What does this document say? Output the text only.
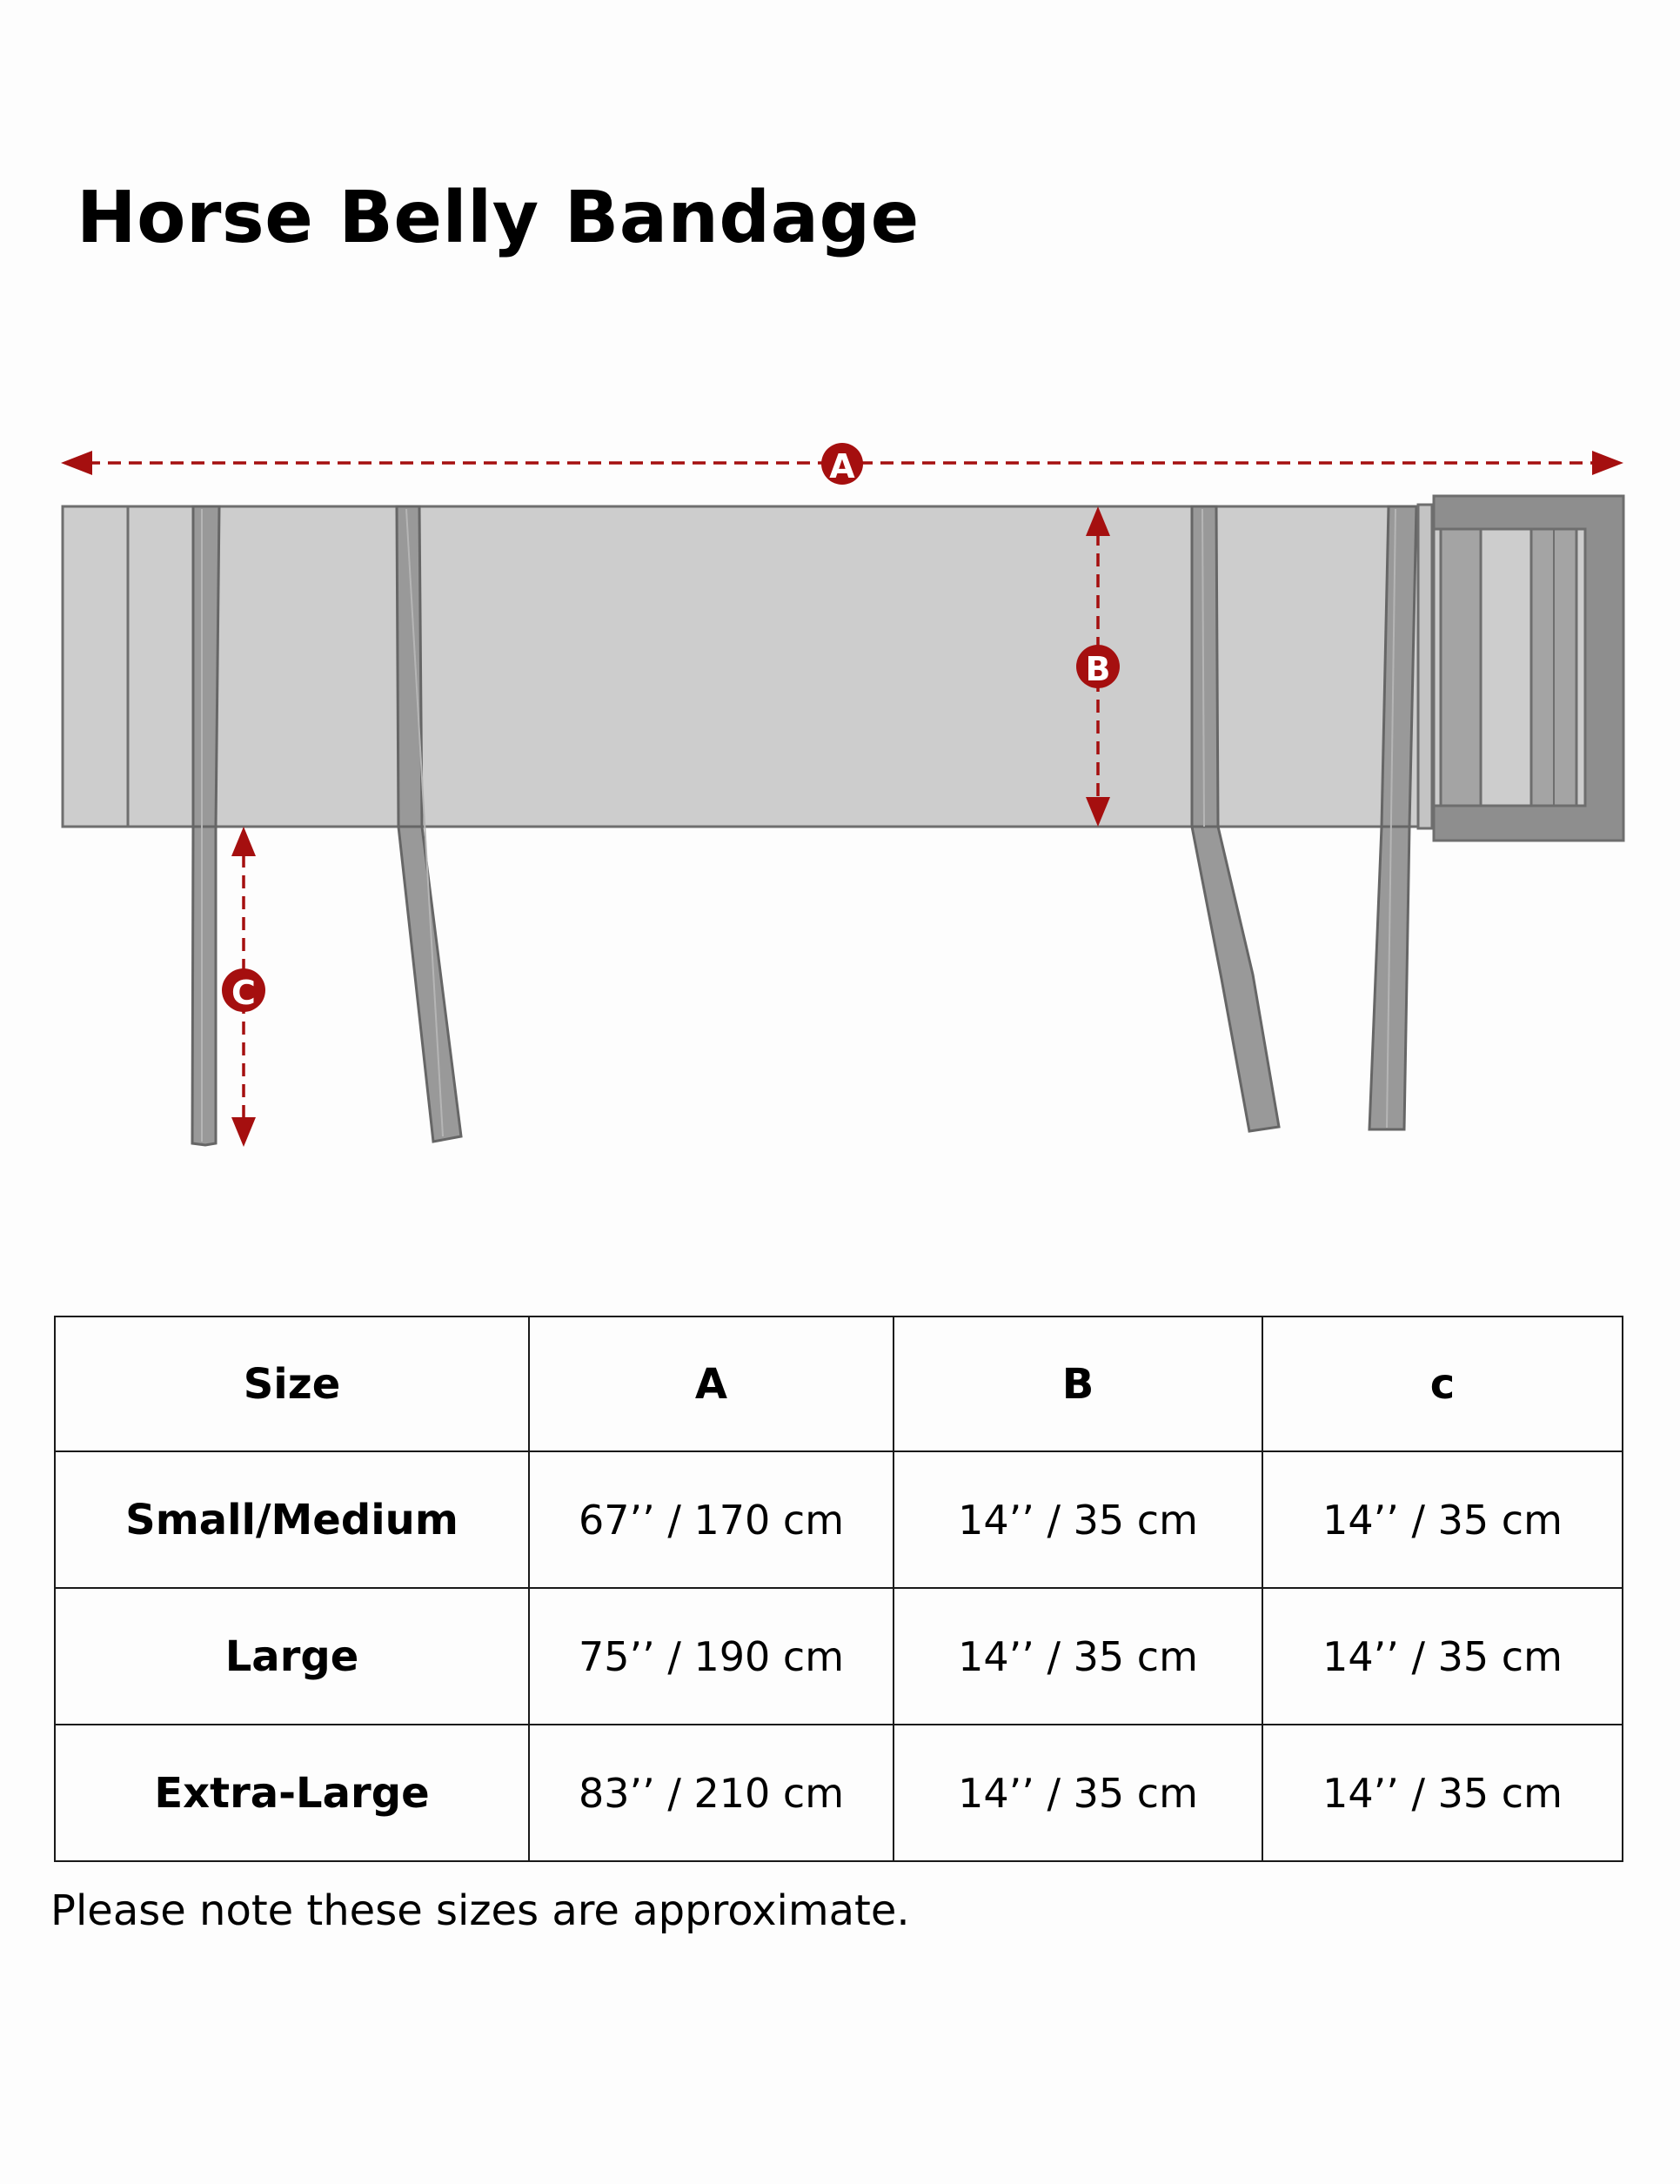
Horse Belly Bandage
A
B
C
Size	A	B	c
Small/Medium	67’’ / 170 cm	14’’ / 35 cm	14’’ / 35 cm
Large	75’’ / 190 cm	14’’ / 35 cm	14’’ / 35 cm
Extra-Large	83’’ / 210 cm	14’’ / 35 cm	14’’ / 35 cm

Please note these sizes are approximate.
